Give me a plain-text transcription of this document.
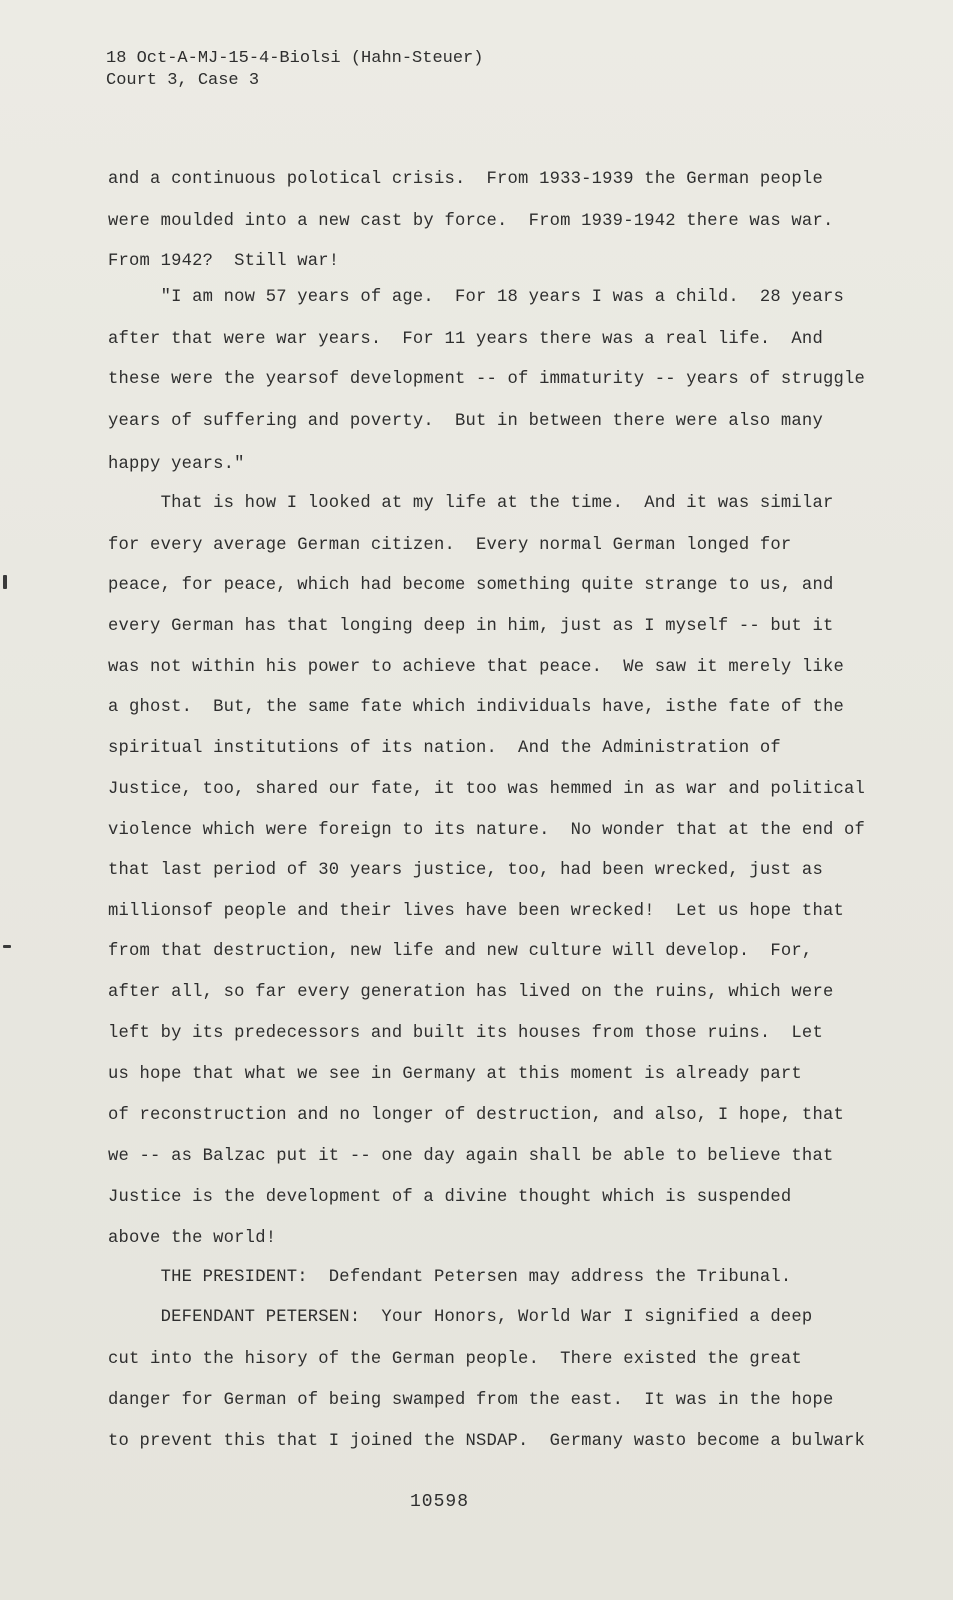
18 Oct-A-MJ-15-4-Biolsi (Hahn-Steuer)
Court 3, Case 3
and a continuous polotical crisis.  From 1933-1939 the German people
were moulded into a new cast by force.  From 1939-1942 there was war.
From 1942?  Still war!
"I am now 57 years of age.  For 18 years I was a child.  28 years
after that were war years.  For 11 years there was a real life.  And
these were the yearsof development -- of immaturity -- years of struggle
years of suffering and poverty.  But in between there were also many
happy years."
That is how I looked at my life at the time.  And it was similar
for every average German citizen.  Every normal German longed for
peace, for peace, which had become something quite strange to us, and
every German has that longing deep in him, just as I myself -- but it
was not within his power to achieve that peace.  We saw it merely like
a ghost.  But, the same fate which individuals have, isthe fate of the
spiritual institutions of its nation.  And the Administration of
Justice, too, shared our fate, it too was hemmed in as war and political
violence which were foreign to its nature.  No wonder that at the end of
that last period of 30 years justice, too, had been wrecked, just as
millionsof people and their lives have been wrecked!  Let us hope that
from that destruction, new life and new culture will develop.  For,
after all, so far every generation has lived on the ruins, which were
left by its predecessors and built its houses from those ruins.  Let
us hope that what we see in Germany at this moment is already part
of reconstruction and no longer of destruction, and also, I hope, that
we -- as Balzac put it -- one day again shall be able to believe that
Justice is the development of a divine thought which is suspended
above the world!
THE PRESIDENT:  Defendant Petersen may address the Tribunal.
DEFENDANT PETERSEN:  Your Honors, World War I signified a deep
cut into the hisory of the German people.  There existed the great
danger for German of being swamped from the east.  It was in the hope
to prevent this that I joined the NSDAP.  Germany wasto become a bulwark
10598
